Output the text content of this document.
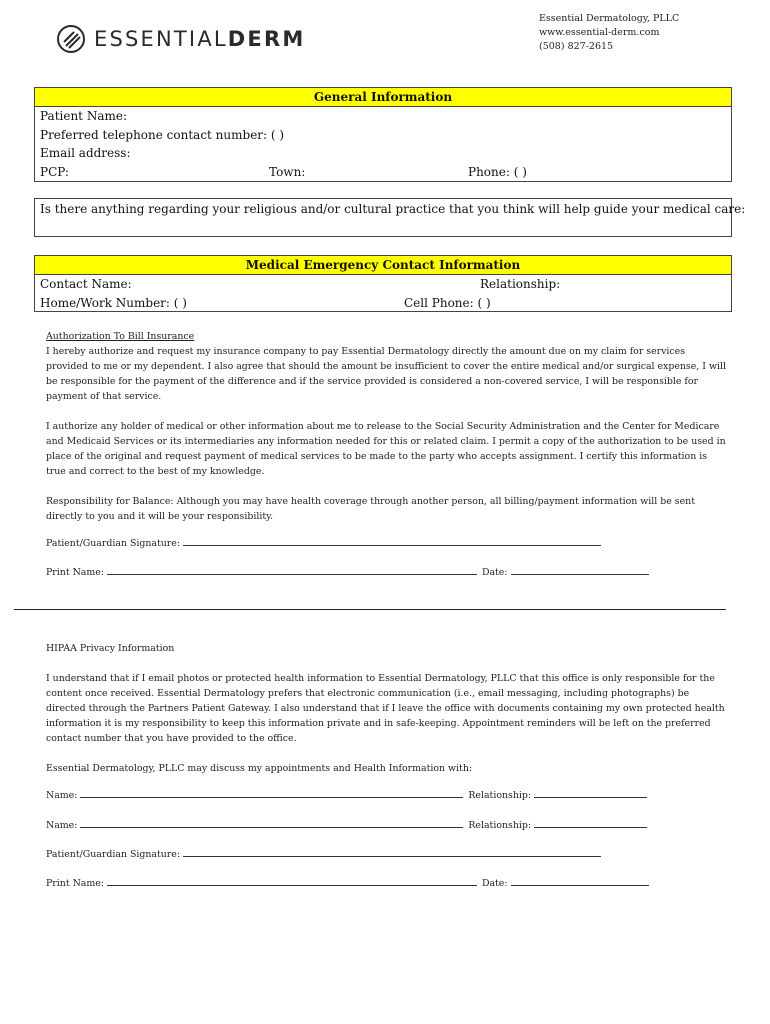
ESSENTIALDERM
Essential Dermatology, PLLC
www.essential-derm.com
(508) 827-2615
General Information
Patient Name:
Preferred telephone contact number: ( )
Email address:
PCP:	Town:	Phone: ( )
Is there anything regarding your religious and/or cultural practice that you think will help guide your medical care:
Medical Emergency Contact Information
Contact Name:	Relationship:
Home/Work Number: ( )	Cell Phone: ( )

Authorization To Bill Insurance

I hereby authorize and request my insurance company to pay Essential Dermatology directly the amount due on my claim for services provided to me or my dependent. I also agree that should the amount be insufficient to cover the entire medical and/or surgical expense, I will be responsible for the payment of the difference and if the service provided is considered a non-covered service, I will be responsible for payment of that service.

I authorize any holder of medical or other information about me to release to the Social Security Administration and the Center for Medicare and Medicaid Services or its intermediaries any information needed for this or related claim. I permit a copy of the authorization to be used in place of the original and request payment of medical services to be made to the party who accepts assignment. I certify this information is true and correct to the best of my knowledge.

Responsibility for Balance: Although you may have health coverage through another person, all billing/payment information will be sent directly to you and it will be your responsibility.

Patient/Guardian Signature:
Print Name:	Date:

HIPAA Privacy Information

I understand that if I email photos or protected health information to Essential Dermatology, PLLC that this office is only responsible for the content once received. Essential Dermatology prefers that electronic communication (i.e., email messaging, including photographs) be directed through the Partners Patient Gateway. I also understand that if I leave the office with documents containing my own protected health information it is my responsibility to keep this information private and in safe-keeping. Appointment reminders will be left on the preferred contact number that you have provided to the office.

Essential Dermatology, PLLC may discuss my appointments and Health Information with:

Name:	Relationship:
Name:	Relationship:
Patient/Guardian Signature:
Print Name:	Date:
